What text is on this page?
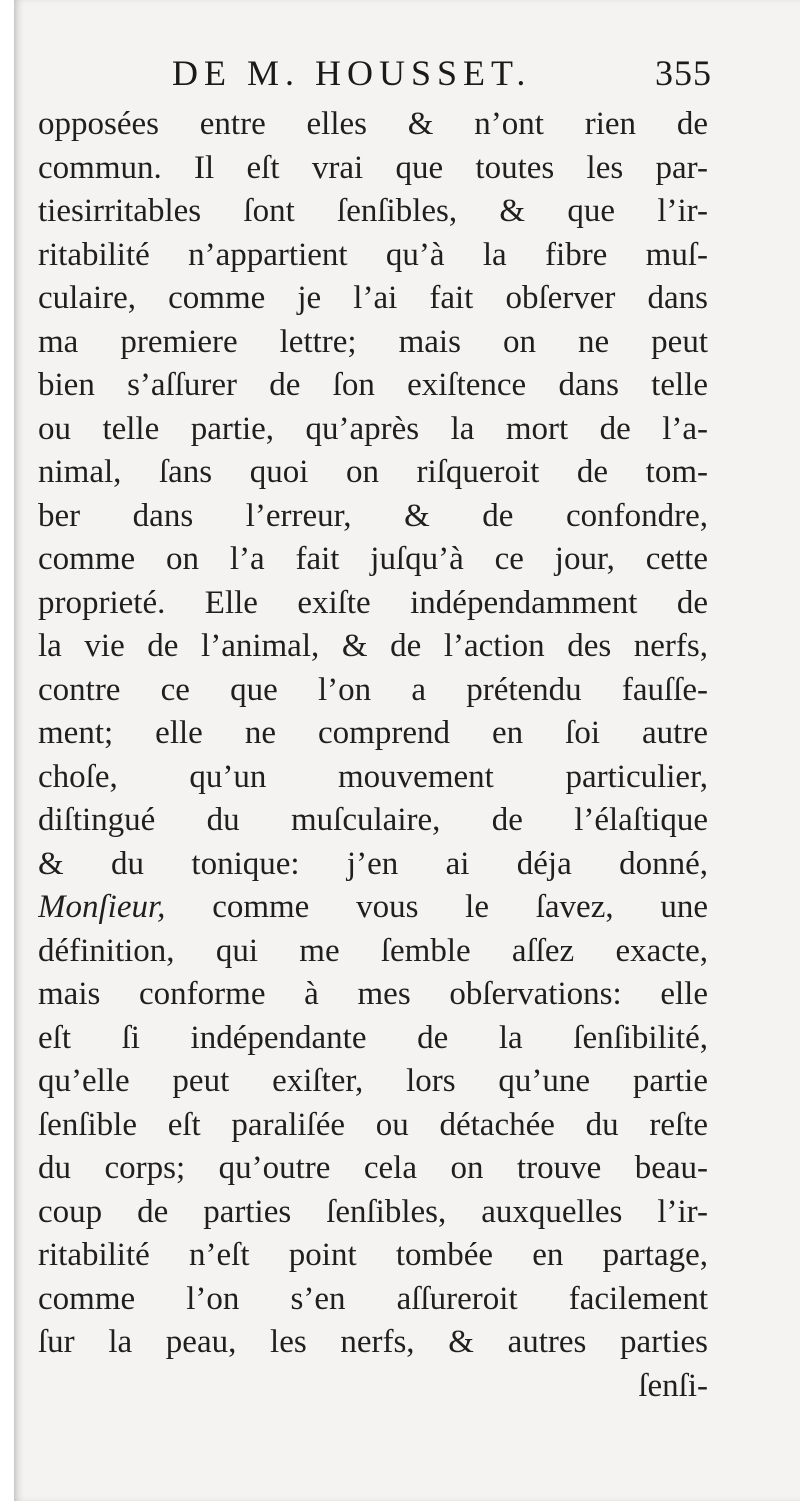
DE M. HOUSSET.	355
opposées entre elles & n’ont rien de
commun. Il eſt vrai que toutes les par-
tiesirritables ſont ſenſibles, & que l’ir-
ritabilité n’appartient qu’à la fibre muſ-
culaire, comme je l’ai fait obſerver dans
ma premiere lettre; mais on ne peut
bien s’aſſurer de ſon exiſtence dans telle
ou telle partie, qu’après la mort de l’a-
nimal, ſans quoi on riſqueroit de tom-
ber dans l’erreur, & de confondre,
comme on l’a fait juſqu’à ce jour, cette
proprieté. Elle exiſte indépendamment de
la vie de l’animal, & de l’action des nerfs,
contre ce que l’on a prétendu fauſſe-
ment; elle ne comprend en ſoi autre
choſe, qu’un mouvement particulier,
diſtingué du muſculaire, de l’élaſtique
& du tonique: j’en ai déja donné,
Monſieur, comme vous le ſavez, une
définition, qui me ſemble aſſez exacte,
mais conforme à mes obſervations: elle
eſt ſi indépendante de la ſenſibilité,
qu’elle peut exiſter, lors qu’une partie
ſenſible eſt paraliſée ou détachée du reſte
du corps; qu’outre cela on trouve beau-
coup de parties ſenſibles, auxquelles l’ir-
ritabilité n’eſt point tombée en partage,
comme l’on s’en aſſureroit facilement
ſur la peau, les nerfs, & autres parties
ſenſi-
